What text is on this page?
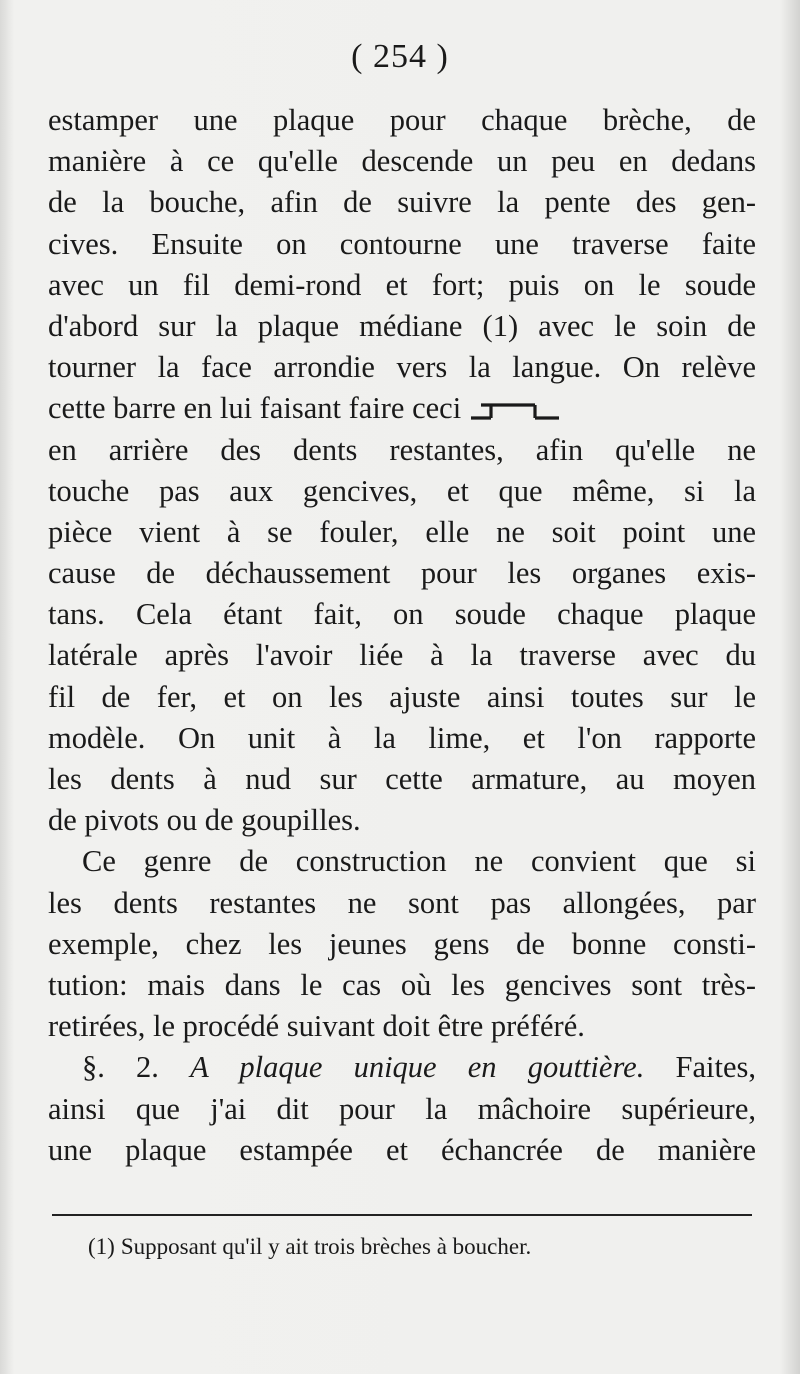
( 254 )
estamper une plaque pour chaque brèche, de
manière à ce qu'elle descende un peu en dedans
de la bouche, afin de suivre la pente des gen-
cives. Ensuite on contourne une traverse faite
avec un fil demi-rond et fort; puis on le soude
d'abord sur la plaque médiane (1) avec le soin de
tourner la face arrondie vers la langue. On relève
cette barre en lui faisant faire ceci
en arrière des dents restantes, afin qu'elle ne
touche pas aux gencives, et que même, si la
pièce vient à se fouler, elle ne soit point une
cause de déchaussement pour les organes exis-
tans. Cela étant fait, on soude chaque plaque
latérale après l'avoir liée à la traverse avec du
fil de fer, et on les ajuste ainsi toutes sur le
modèle. On unit à la lime, et l'on rapporte
les dents à nud sur cette armature, au moyen
de pivots ou de goupilles.
Ce genre de construction ne convient que si
les dents restantes ne sont pas allongées, par
exemple, chez les jeunes gens de bonne consti-
tution: mais dans le cas où les gencives sont très-
retirées, le procédé suivant doit être préféré.
§. 2. A plaque unique en gouttière. Faites,
ainsi que j'ai dit pour la mâchoire supérieure,
une plaque estampée et échancrée de manière
(1) Supposant qu'il y ait trois brèches à boucher.
